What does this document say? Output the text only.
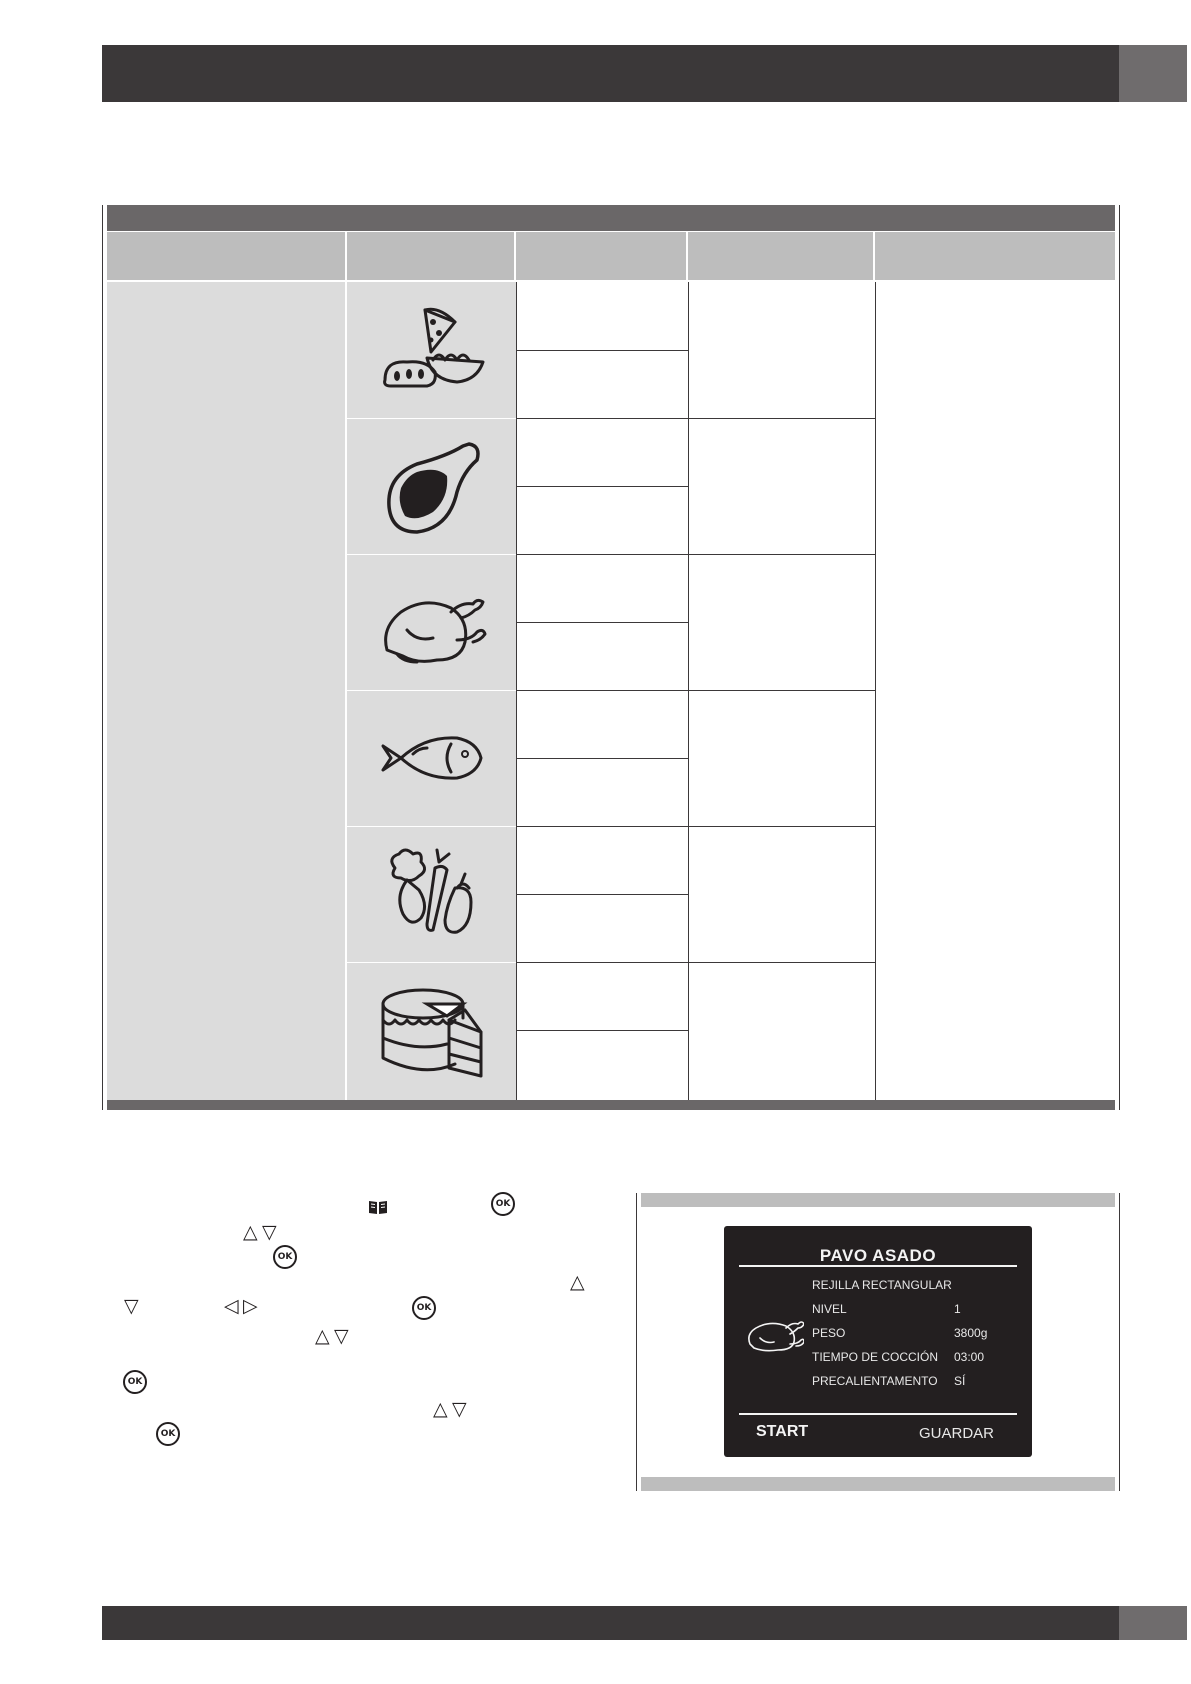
OK
△ ▽
OK
△
▽	◁ ▷	OK
△ ▽
OK
△ ▽
OK
PAVO ASADO
REJILLA RECTANGULAR
NIVEL	1
PESO	3800g
TIEMPO DE COCCIÓN 03:00
PRECALIENTAMENTO SÍ
START	GUARDAR
